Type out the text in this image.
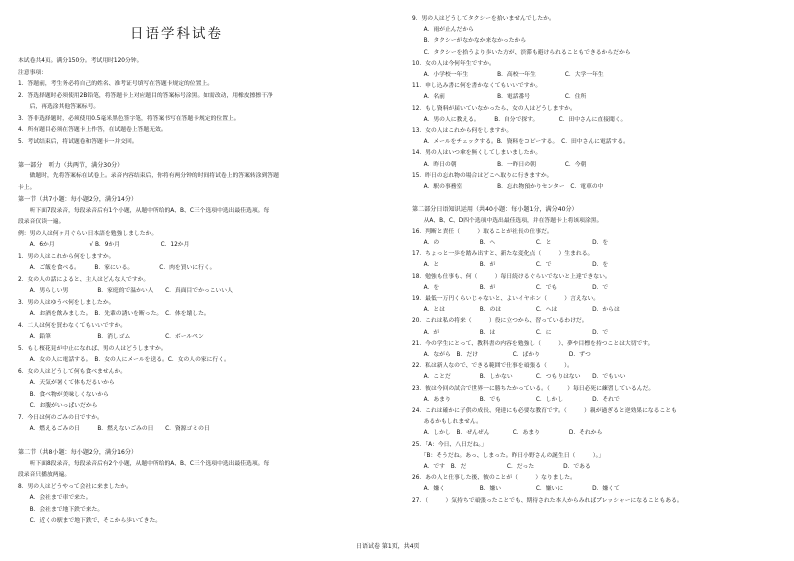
日语学科试卷
本试卷共4页。满分150分。考试用时120分钟。
注意事项：
1．答题前，考生务必将自己的姓名、准考证号填写在答题卡规定的位置上。
2．答选择题时必须使用2B铅笔，将答题卡上对应题目的答案标号涂黑。如需改动，用橡皮擦擦干净
　　后，再选涂其他答案标号。
3．答非选择题时，必须使用0.5毫米黑色签字笔，将答案书写在答题卡规定的位置上。
4．所有题目必须在答题卡上作答，在试题卷上答题无效。
5．考试结束后，将试题卷和答题卡一并交回。
第一部分　听力（共两节，满分30分）
　　做题时，先将答案标在试卷上。录音内容结束后，你将有两分钟的时间将试卷上的答案转涂到答题
卡上。
第一节（共7小题：每小题2分，满分14分）
　　听下面7段录音，每段录音后有1个小题，从题中所给的A、B、C三个选项中选出最佳选项。每
段录音仅读一遍。
例：男の人は何ヶ月ぐらい日本語を勉強しましたか。
　　A．6か月　　　　　　√ B．9か月　　　　　　　C．12か月
1．男の人はこれから何をしますか。
　　A．ご飯を食べる。　　　B．家にいる。　　　　　C．肉を買いに行く。
2．女の人の話によると、主人はどんな人ですか。
　　A．男らしい男　　　　　B．家庭的で温かい人　　C．真面目でかっこいい人
3．男の人はゆうべ何をしましたか。
　　A．お酒を飲みました。　B．先輩の誘いを断った。　C．体を壊した。
4．二人は何を買わなくてもいいですか。
　　A．鉛筆　　　　　　　　B．消しゴム　　　　　　C．ボールペン
5．もし桜花見が中止になれば、男の人はどうしますか。
　　A．女の人に電話する。　B．女の人にメールを送る。C．女の人の家に行く。
6．女の人はどうして何も食べませんか。
　　A．天気が暑くて体もだるいから
　　B．食べ物が美味しくないから
　　C．お腹がいっぱいだから
7．今日は何のごみの日ですか。
　　A．燃えるごみの日　　　B．燃えないごみの日　　C．資源ゴミの日
第二节（共8小题：每小题2分，满分16分）
　　听下面8段录音，每段录音后有2个小题，从题中所给的A、B、C三个选项中选出最佳选项。每
段录音只播放两遍。
8．男の人はどうやって会社に来ましたか。
　　A．会社まで車で来た。
　　B．会社まで地下鉄で来た。
　　C．近くの駅まで地下鉄で、そこから歩いてきた。
9．男の人はどうしてタクシーを拾いませんでしたか。
　　A．雨が止んだから
　　B．タクシーがなかなか来なかったから
　　C．タクシーを拾うより歩いた方が、渋滞も避けられることもできるからだから
10．女の人は今何年生ですか。
　　A．小学校一年生　　　　　B．高校一年生　　　　　C．大学一年生
11．申し込み書に何を書かなくてもいいですか。
　　A．名前　　　　　　　　　B．電話番号　　　　　　C．住所
12．もし資料が届いていなかったら、女の人はどうしますか。
　　A．男の人に教える。　　　B．自分で探す。　　　　C．田中さんに直接聞く。
13．女の人はこれから何をしますか。
　　A．メールをチェックする。B．資料をコピーする。　C．田中さんに電話する。
14．男の人はいつ傘を無くしてしまいましたか。
　　A．昨日の朝　　　　　　　B．一昨日の朝　　　　　C．今朝
15．昨日の忘れ物の場合はどこへ取りに行きますか。
　　A．駅の事務室　　　　　　B．忘れ物預かりセンター　C．電車の中
第二部分日语知识运用（共40小题：每小题1分，满分40分）
　　从A、B、C、D四个选项中选出最佳选项，并在答题卡上将该项涂黑。
16．判断と責任（　　　）取ることが社長の仕事だ。
　　A．の　　　　　　　B．へ　　　　　　　C．と　　　　　　　D．を
17．ちょっと一歩を踏み出すと、新たな変化点（　　　）生まれる。
　　A．と　　　　　　　B．が　　　　　　　C．で　　　　　　　D．を
18．勉強も仕事も、何（　　　）毎日続けるぐらいでないと上達できない。
　　A．を　　　　　　　B．が　　　　　　　C．でも　　　　　　D．で
19．最低一万円くらいじゃないと、よいイヤホン（　　　）言えない。
　　A．とは　　　　　　B．のは　　　　　　C．へは　　　　　　D．からは
20．これは私の将来（　　　）役に立つから、習っているわけだ。
　　A．が　　　　　　　B．は　　　　　　　C．に　　　　　　　D．で
21．今の学生にとって、教科書の内容を勉強し（　　　）、夢や目標を持つことは大切です。
　　A．ながら　B．だけ　　　　　　C．ばかり　　　　　D．ずつ
22．私は新人なので、できる範囲で仕事を頑張る（　　　）。
　　A．ことだ　　　　　B．しかない　　　　C．つもりはない　　D．でもいい
23．彼は今回の試合で世界一に勝ちたかっている。（　　　）毎日必死に練習しているんだ。
　　A．あまり　　　　　B．でも　　　　　　C．しかし　　　　　D．それで
24．これは確かに子供の成長、発達にも必要な教育です。（　　　）親が過ぎると逆効果になることも
　　あるかもしれません。
　　A．しかし　B．ぜんぜん　　　　C．あまり　　　　　D．それから
25．「A：今日、八日だね。」
　　「B：そうだね。あっ、しまった。昨日小野さんの誕生日（　　　）。」
　　A．です　B．だ　　　　　　　C．だった　　　　　D．である
26．あの人と仕事した後、彼のことが（　　　）なりました。
　　A．嫌く　　　　　　B．嫌い　　　　　　C．嫌いに　　　　　D．嫌くて
27．（　　　）気持ちで頑張ったことでも、期待された本人からみればプレッシャーになることもある。
日语试卷 第1页，共4页
